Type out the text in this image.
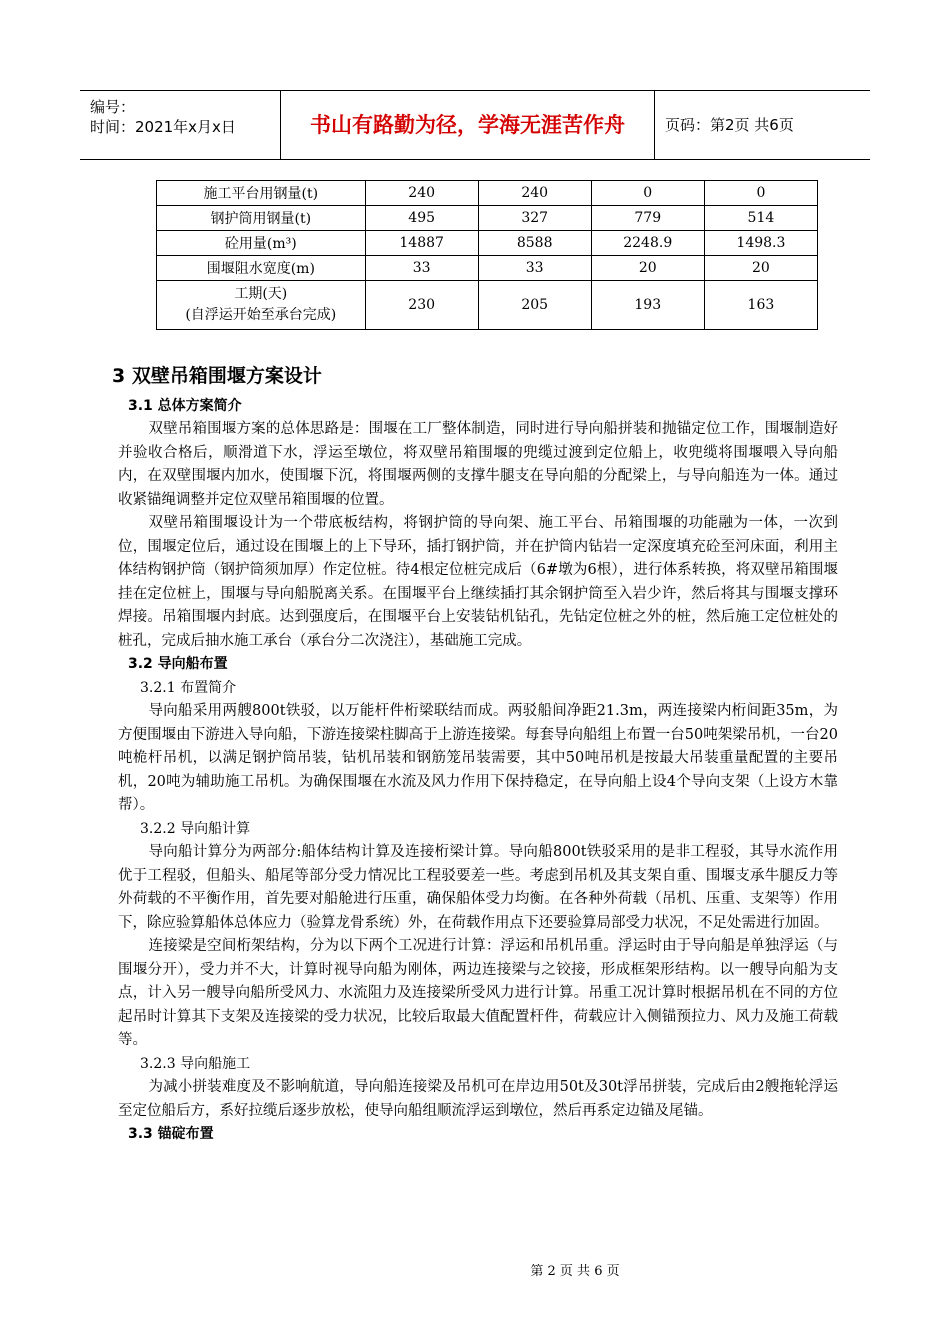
编号：
时间：2021年x月x日	书山有路勤为径，学海无涯苦作舟	页码：第2页 共6页
施工平台用钢量(t)	240	240	0	0
钢护筒用钢量(t)	495	327	779	514
砼用量(m³)	14887	8588	2248.9	1498.3
围堰阻水宽度(m)	33	33	20	20

工期(天)
(自浮运开始至承台完成)	230	205	193	163
3 双壁吊箱围堰方案设计
3.1 总体方案简介

双壁吊箱围堰方案的总体思路是：围堰在工厂整体制造，同时进行导向船拼装和抛锚定位工作，围堰制造好并验收合格后，顺滑道下水，浮运至墩位，将双壁吊箱围堰的兜缆过渡到定位船上，收兜缆将围堰喂入导向船内，在双壁围堰内加水，使围堰下沉，将围堰两侧的支撑牛腿支在导向船的分配梁上，与导向船连为一体。通过收紧锚绳调整并定位双壁吊箱围堰的位置。

双壁吊箱围堰设计为一个带底板结构，将钢护筒的导向架、施工平台、吊箱围堰的功能融为一体，一次到位，围堰定位后，通过设在围堰上的上下导环，插打钢护筒，并在护筒内钻岩一定深度填充砼至河床面，利用主体结构钢护筒（钢护筒须加厚）作定位桩。待4根定位桩完成后（6#墩为6根），进行体系转换，将双壁吊箱围堰挂在定位桩上，围堰与导向船脱离关系。在围堰平台上继续插打其余钢护筒至入岩少许，然后将其与围堰支撑环焊接。吊箱围堰内封底。达到强度后，在围堰平台上安装钻机钻孔，先钻定位桩之外的桩，然后施工定位桩处的桩孔，完成后抽水施工承台（承台分二次浇注），基础施工完成。

3.2 导向船布置
3.2.1 布置简介

导向船采用两艘800t铁驳，以万能杆件桁梁联结而成。两驳船间净距21.3m，两连接梁内桁间距35m，为方便围堰由下游进入导向船，下游连接梁柱脚高于上游连接梁。每套导向船组上布置一台50吨架梁吊机，一台20吨桅杆吊机，以满足钢护筒吊装，钻机吊装和钢筋笼吊装需要，其中50吨吊机是按最大吊装重量配置的主要吊机，20吨为辅助施工吊机。为确保围堰在水流及风力作用下保持稳定，在导向船上设4个导向支架（上设方木靠帮）。

3.2.2 导向船计算

导向船计算分为两部分:船体结构计算及连接桁梁计算。导向船800t铁驳采用的是非工程驳，其导水流作用优于工程驳，但船头、船尾等部分受力情况比工程驳要差一些。考虑到吊机及其支架自重、围堰支承牛腿反力等外荷载的不平衡作用，首先要对船舱进行压重，确保船体受力均衡。在各种外荷载（吊机、压重、支架等）作用下，除应验算船体总体应力（验算龙骨系统）外，在荷载作用点下还要验算局部受力状况，不足处需进行加固。

连接梁是空间桁架结构，分为以下两个工况进行计算：浮运和吊机吊重。浮运时由于导向船是单独浮运（与围堰分开），受力并不大，计算时视导向船为刚体，两边连接梁与之铰接，形成框架形结构。以一艘导向船为支点，计入另一艘导向船所受风力、水流阻力及连接梁所受风力进行计算。吊重工况计算时根据吊机在不同的方位起吊时计算其下支架及连接梁的受力状况，比较后取最大值配置杆件，荷载应计入侧锚预拉力、风力及施工荷载等。

3.2.3 导向船施工

为减小拼装难度及不影响航道，导向船连接梁及吊机可在岸边用50t及30t浮吊拼装，完成后由2艘拖轮浮运至定位船后方，系好拉缆后逐步放松，使导向船组顺流浮运到墩位，然后再系定边锚及尾锚。

3.3 锚碇布置
第 2 页 共 6 页
